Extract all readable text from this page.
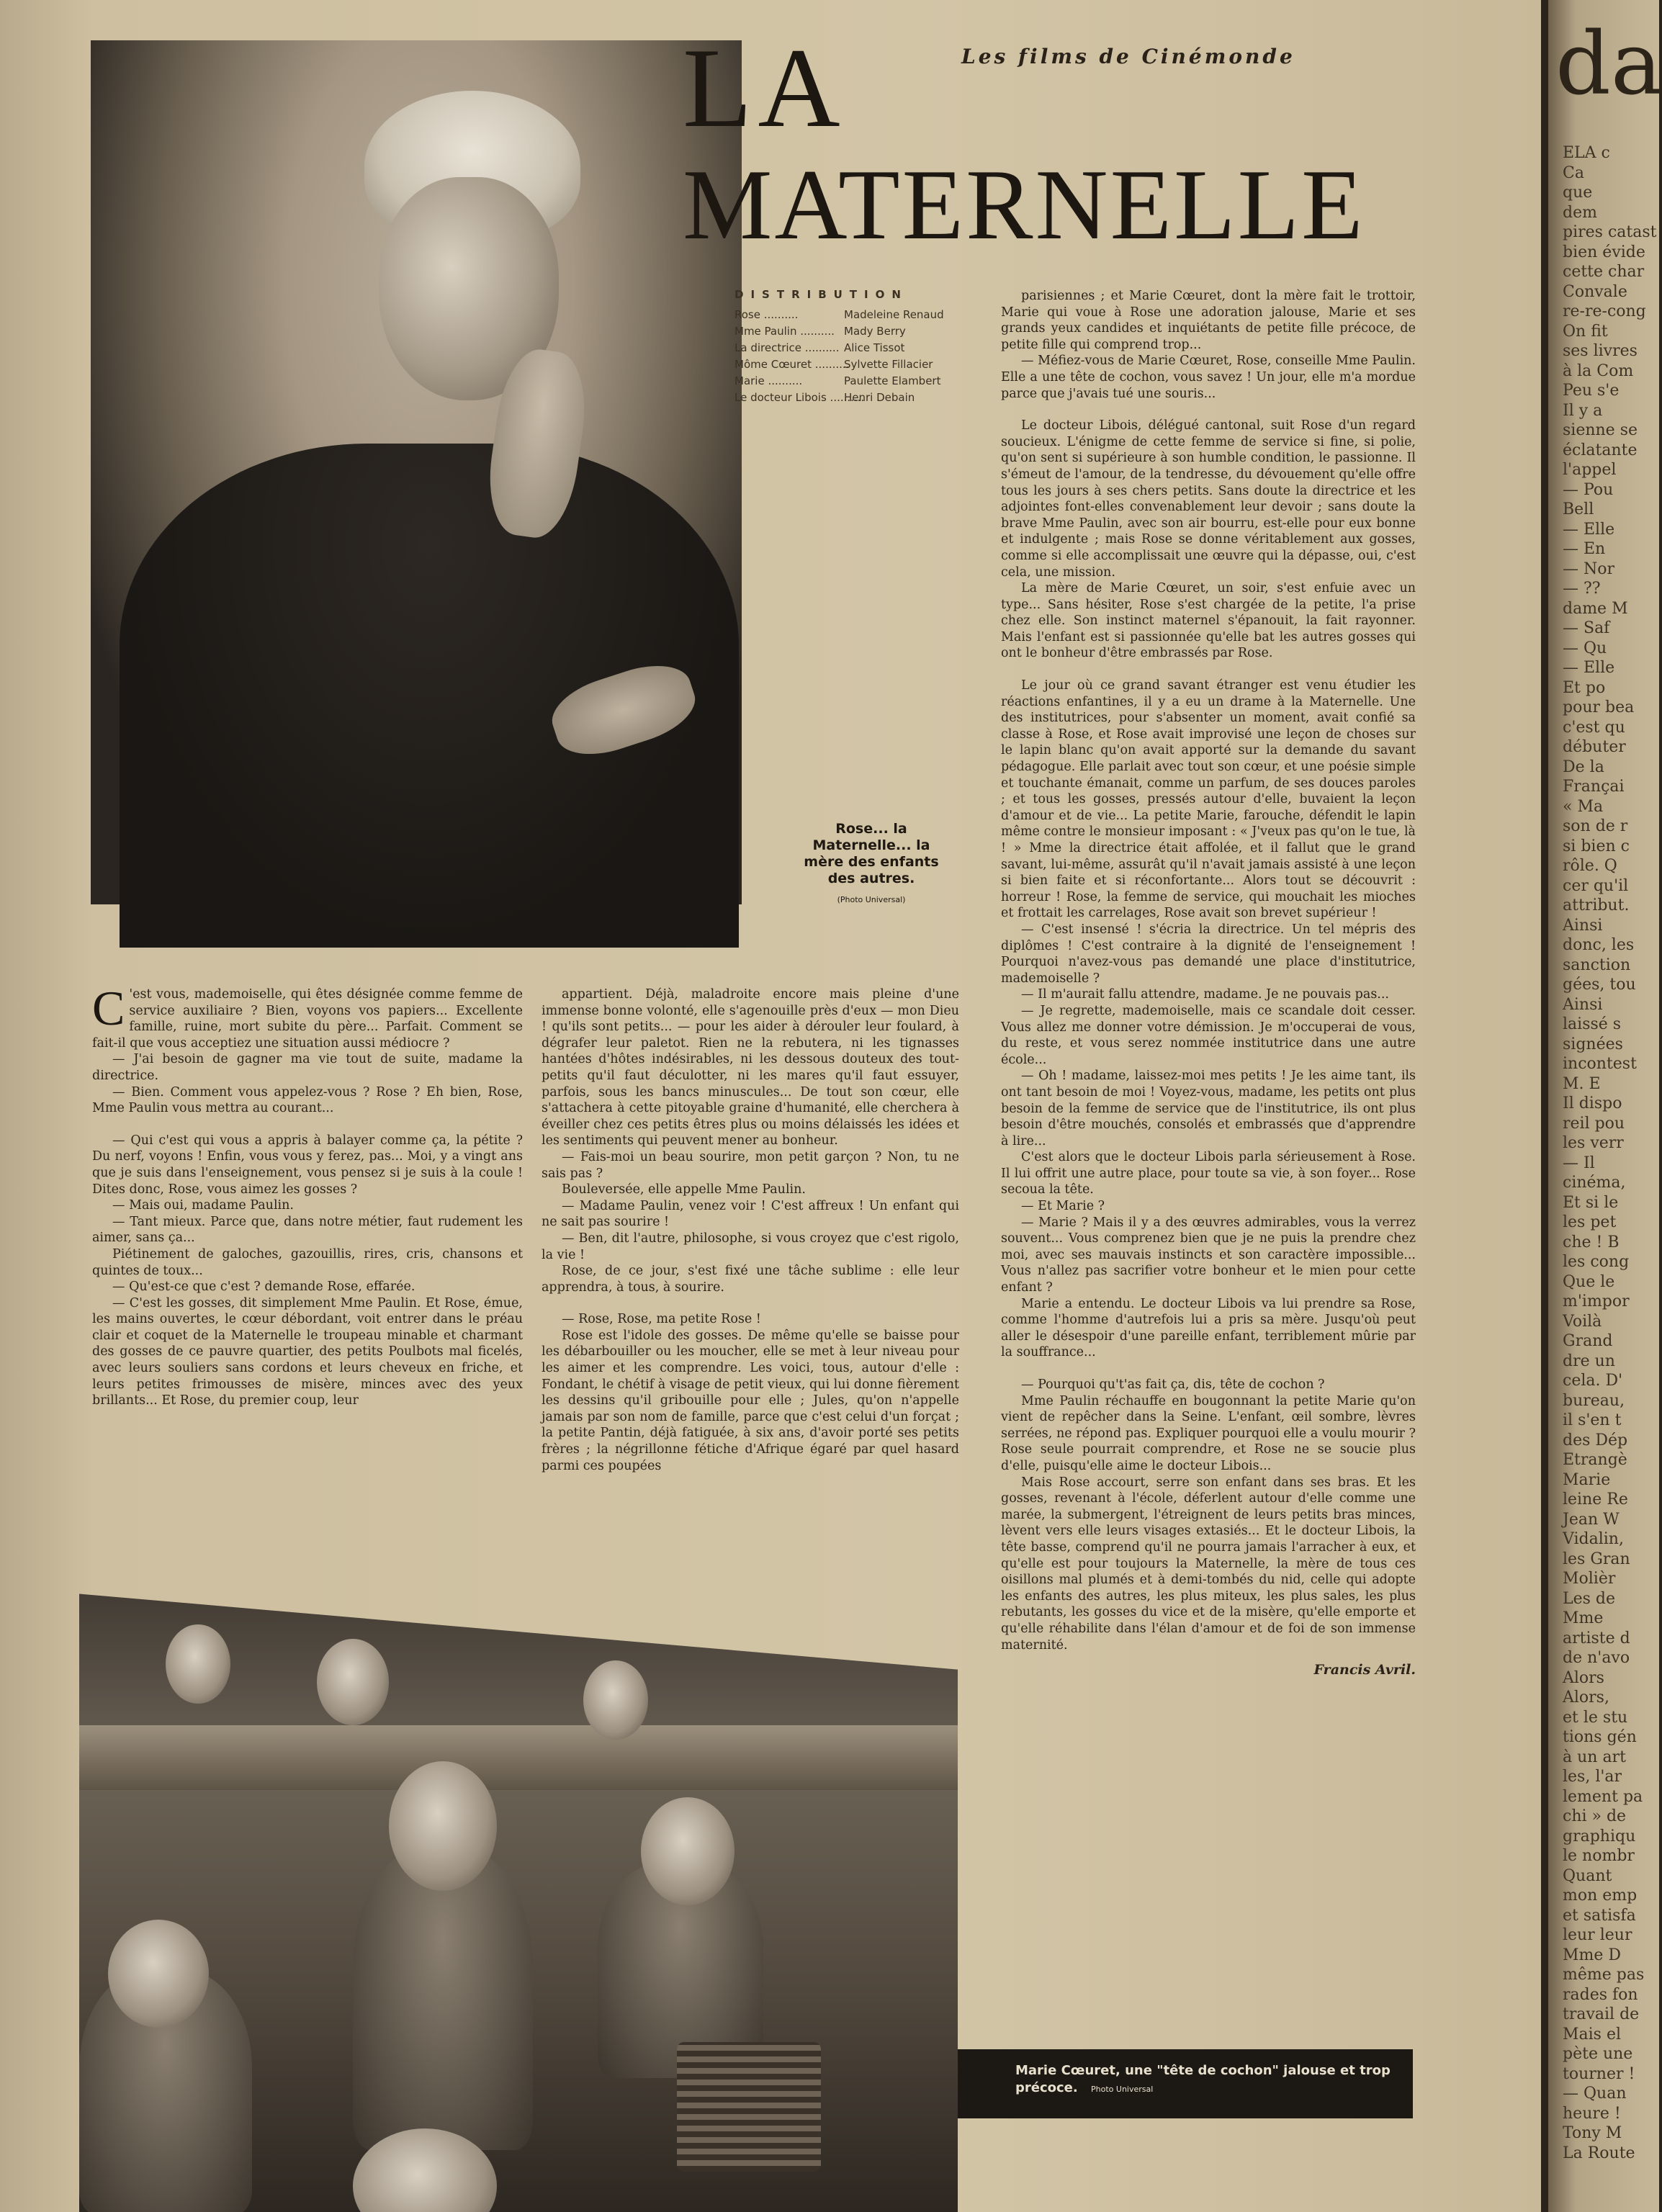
Rose... la Maternelle... la mère des enfants des autres.
(Photo Universal)
Les films de Cinémonde
LA
MATERNELLE
DISTRIBUTION
Rose ..........	Madeleine Renaud
Mme Paulin .......... Mady Berry
La directrice .......... Alice Tissot
Môme Cœuret ..........
Sylvette Fillacier
Marie ..........	Paulette Elambert
Le docteur Libois ..........
Henri Debain

parisiennes ; et Marie Cœuret, dont la mère fait le trottoir, Marie qui voue à Rose une adoration jalouse, Marie et ses grands yeux candides et inquiétants de petite fille précoce, de petite fille qui comprend trop...

— Méfiez-vous de Marie Cœuret, Rose, conseille Mme Paulin. Elle a une tête de cochon, vous savez ! Un jour, elle m'a mordue parce que j'avais tué une souris...

Le docteur Libois, délégué cantonal, suit Rose d'un regard soucieux. L'énigme de cette femme de service si fine, si polie, qu'on sent si supérieure à son humble condition, le passionne. Il s'émeut de l'amour, de la tendresse, du dévouement qu'elle offre tous les jours à ses chers petits. Sans doute la directrice et les adjointes font-elles convenablement leur devoir ; sans doute la brave Mme Paulin, avec son air bourru, est-elle pour eux bonne et indulgente ; mais Rose se donne véritablement aux gosses, comme si elle accomplissait une œuvre qui la dépasse, oui, c'est cela, une mission.

La mère de Marie Cœuret, un soir, s'est enfuie avec un type... Sans hésiter, Rose s'est chargée de la petite, l'a prise chez elle. Son instinct maternel s'épanouit, la fait rayonner. Mais l'enfant est si passionnée qu'elle bat les autres gosses qui ont le bonheur d'être embrassés par Rose.

Le jour où ce grand savant étranger est venu étudier les réactions enfantines, il y a eu un drame à la Maternelle. Une des institutrices, pour s'absenter un moment, avait confié sa classe à Rose, et Rose avait improvisé une leçon de choses sur le lapin blanc qu'on avait apporté sur la demande du savant pédagogue. Elle parlait avec tout son cœur, et une poésie simple et touchante émanait, comme un parfum, de ses douces paroles ; et tous les gosses, pressés autour d'elle, buvaient la leçon d'amour et de vie... La petite Marie, farouche, défendit le lapin même contre le monsieur imposant : « J'veux pas qu'on le tue, là ! » Mme la directrice était affolée, et il fallut que le grand savant, lui-même, assurât qu'il n'avait jamais assisté à une leçon si bien faite et si réconfortante... Alors tout se découvrit : horreur ! Rose, la femme de service, qui mouchait les mioches et frottait les carrelages, Rose avait son brevet supérieur !

— C'est insensé ! s'écria la directrice. Un tel mépris des diplômes ! C'est contraire à la dignité de l'enseignement ! Pourquoi n'avez-vous pas demandé une place d'institutrice, mademoiselle ?

— Il m'aurait fallu attendre, madame. Je ne pouvais pas...

— Je regrette, mademoiselle, mais ce scandale doit cesser. Vous allez me donner votre démission. Je m'occuperai de vous, du reste, et vous serez nommée institutrice dans une autre école...

— Oh ! madame, laissez-moi mes petits ! Je les aime tant, ils ont tant besoin de moi ! Voyez-vous, madame, les petits ont plus besoin de la femme de service que de l'institutrice, ils ont plus besoin d'être mouchés, consolés et embrassés que d'apprendre à lire...

C'est alors que le docteur Libois parla sérieusement à Rose. Il lui offrit une autre place, pour toute sa vie, à son foyer... Rose secoua la tête.

— Et Marie ?

— Marie ? Mais il y a des œuvres admirables, vous la verrez souvent... Vous comprenez bien que je ne puis la prendre chez moi, avec ses mauvais instincts et son caractère impossible... Vous n'allez pas sacrifier votre bonheur et le mien pour cette enfant ?

Marie a entendu. Le docteur Libois va lui prendre sa Rose, comme l'homme d'autrefois lui a pris sa mère. Jusqu'où peut aller le désespoir d'une pareille enfant, terriblement mûrie par la souffrance...

— Pourquoi qu't'as fait ça, dis, tête de cochon ?

Mme Paulin réchauffe en bougonnant la petite Marie qu'on vient de repêcher dans la Seine. L'enfant, œil sombre, lèvres serrées, ne répond pas. Expliquer pourquoi elle a voulu mourir ? Rose seule pourrait comprendre, et Rose ne se soucie plus d'elle, puisqu'elle aime le docteur Libois...

Mais Rose accourt, serre son enfant dans ses bras. Et les gosses, revenant à l'école, déferlent autour d'elle comme une marée, la submergent, l'étreignent de leurs petits bras minces, lèvent vers elle leurs visages extasiés... Et le docteur Libois, la tête basse, comprend qu'il ne pourra jamais l'arracher à eux, et qu'elle est pour toujours la Maternelle, la mère de tous ces oisillons mal plumés et à demi-tombés du nid, celle qui adopte les enfants des autres, les plus miteux, les plus sales, les plus rebutants, les gosses du vice et de la misère, qu'elle emporte et qu'elle réhabilite dans l'élan d'amour et de foi de son immense maternité.

Francis Avril.

C 'est vous, mademoiselle, qui êtes désignée comme femme de service auxiliaire ? Bien, voyons vos papiers... Excellente famille, ruine, mort subite du père... Parfait. Comment se fait-il que vous acceptiez une situation aussi médiocre ?

— J'ai besoin de gagner ma vie tout de suite, madame la directrice.

— Bien. Comment vous appelez-vous ? Rose ? Eh bien, Rose, Mme Paulin vous mettra au courant...

— Qui c'est qui vous a appris à balayer comme ça, la pétite ? Du nerf, voyons ! Enfin, vous vous y ferez, pas... Moi, y a vingt ans que je suis dans l'enseignement, vous pensez si je suis à la coule ! Dites donc, Rose, vous aimez les gosses ?

— Mais oui, madame Paulin.

— Tant mieux. Parce que, dans notre métier, faut rudement les aimer, sans ça...

Piétinement de galoches, gazouillis, rires, cris, chansons et quintes de toux...

— Qu'est-ce que c'est ? demande Rose, effarée.

— C'est les gosses, dit simplement Mme Paulin. Et Rose, émue, les mains ouvertes, le cœur débordant, voit entrer dans le préau clair et coquet de la Maternelle le troupeau minable et charmant des gosses de ce pauvre quartier, des petits Poulbots mal ficelés, avec leurs souliers sans cordons et leurs cheveux en friche, et leurs petites frimousses de misère, minces avec des yeux brillants... Et Rose, du premier coup, leur

appartient. Déjà, maladroite encore mais pleine d'une immense bonne volonté, elle s'agenouille près d'eux — mon Dieu ! qu'ils sont petits... — pour les aider à dérouler leur foulard, à dégrafer leur paletot. Rien ne la rebutera, ni les tignasses hantées d'hôtes indésirables, ni les dessous douteux des tout-petits qu'il faut déculotter, ni les mares qu'il faut essuyer, parfois, sous les bancs minuscules... De tout son cœur, elle s'attachera à cette pitoyable graine d'humanité, elle cherchera à éveiller chez ces petits êtres plus ou moins délaissés les idées et les sentiments qui peuvent mener au bonheur.

— Fais-moi un beau sourire, mon petit garçon ? Non, tu ne sais pas ?

Bouleversée, elle appelle Mme Paulin.

— Madame Paulin, venez voir ! C'est affreux ! Un enfant qui ne sait pas sourire !

— Ben, dit l'autre, philosophe, si vous croyez que c'est rigolo, la vie !

Rose, de ce jour, s'est fixé une tâche sublime : elle leur apprendra, à tous, à sourire.

— Rose, Rose, ma petite Rose !

Rose est l'idole des gosses. De même qu'elle se baisse pour les débarbouiller ou les moucher, elle se met à leur niveau pour les aimer et les comprendre. Les voici, tous, autour d'elle : Fondant, le chétif à visage de petit vieux, qui lui donne fièrement les dessins qu'il gribouille pour elle ; Jules, qu'on n'appelle jamais par son nom de famille, parce que c'est celui d'un forçat ; la petite Pantin, déjà fatiguée, à six ans, d'avoir porté ses petits frères ; la négrillonne fétiche d'Afrique égaré par quel hasard parmi ces poupées

Marie Cœuret, une "tête de cochon" jalouse et trop précoce. Photo Universal
da
ELA c
Ca
que
dem
pires catast
bien évide
cette char
Convale
re-re-cong
On fit
ses livres
à la Com
Peu s'e
Il y a
sienne se
éclatante
l'appel
— Pou
Bell
— Elle
— En
— Nor
— ??
dame M
— Saf
— Qu
— Elle
Et po
pour bea
c'est qu
débuter
De la
Françai
« Ma
son de r
si bien c
rôle. Q
cer qu'il
attribut.
Ainsi
donc, les
sanction
gées, tou
Ainsi
laissé s
signées
incontest
M. E
Il dispo
reil pou
les verr
— Il
cinéma,
Et si le
les pet
che ! B
les cong
Que le
m'impor
Voilà
Grand
dre un
cela. D'
bureau,
il s'en t
des Dép
Etrangè
Marie
leine Re
Jean W
Vidalin,
les Gran
Molièr
Les de
Mme
artiste d
de n'avo
Alors
Alors,
et le stu
tions gén
à un art
les, l'ar
lement pa
chi » de
graphiqu
le nombr
Quant
mon emp
et satisfa
leur leur
Mme D
même pas
rades fon
travail de
Mais el
pète une
tourner !
— Quan
heure !
Tony M
La Route
